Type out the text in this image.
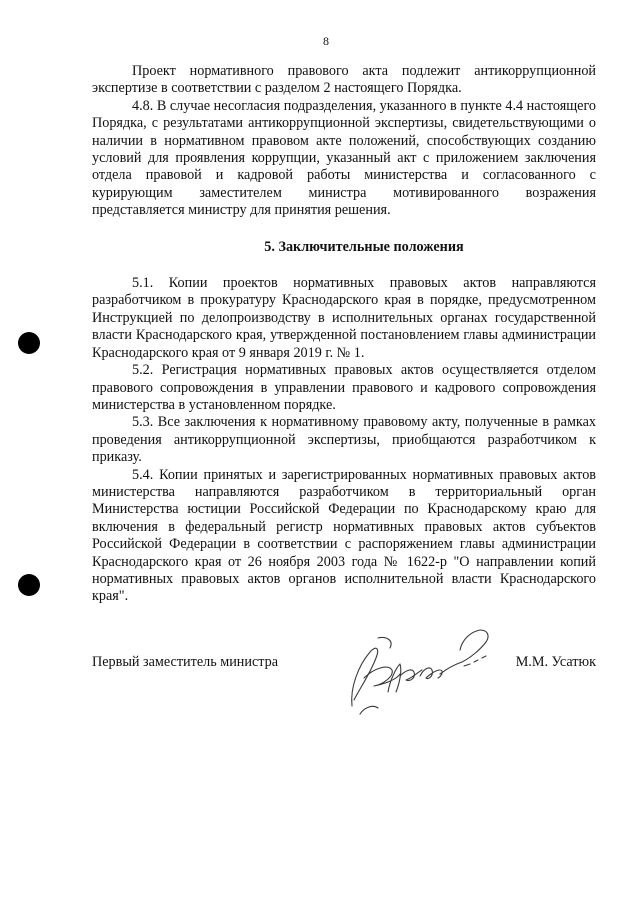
8

Проект нормативного правового акта подлежит антикоррупционной экспертизе в соответствии с разделом 2 настоящего Порядка.

4.8. В случае несогласия подразделения, указанного в пункте 4.4 настоящего Порядка, с результатами антикоррупционной экспертизы, свидетельствующими о наличии в нормативном правовом акте положений, способствующих созданию условий для проявления коррупции, указанный акт с приложением заключения отдела правовой и кадровой работы министерства и согласованного с курирующим заместителем министра мотивированного возражения представляется министру для принятия решения.

5. Заключительные положения

5.1. Копии проектов нормативных правовых актов направляются разработчиком в прокуратуру Краснодарского края в порядке, предусмотренном Инструкцией по делопроизводству в исполнительных органах государственной власти Краснодарского края, утвержденной постановлением главы администрации Краснодарского края от 9 января 2019 г. № 1.

5.2. Регистрация нормативных правовых актов осуществляется отделом правового сопровождения в управлении правового и кадрового сопровождения министерства в установленном порядке.

5.3. Все заключения к нормативному правовому акту, полученные в рамках проведения антикоррупционной экспертизы, приобщаются разработчиком к приказу.

5.4. Копии принятых и зарегистрированных нормативных правовых актов министерства направляются разработчиком в территориальный орган Министерства юстиции Российской Федерации по Краснодарскому краю для включения в федеральный регистр нормативных правовых актов субъектов Российской Федерации в соответствии с распоряжением главы администрации Краснодарского края от 26 ноября 2003 года № 1622-р "О направлении копий нормативных правовых актов органов исполнительной власти Краснодарского края".

Первый заместитель министра	М.М. Усатюк
